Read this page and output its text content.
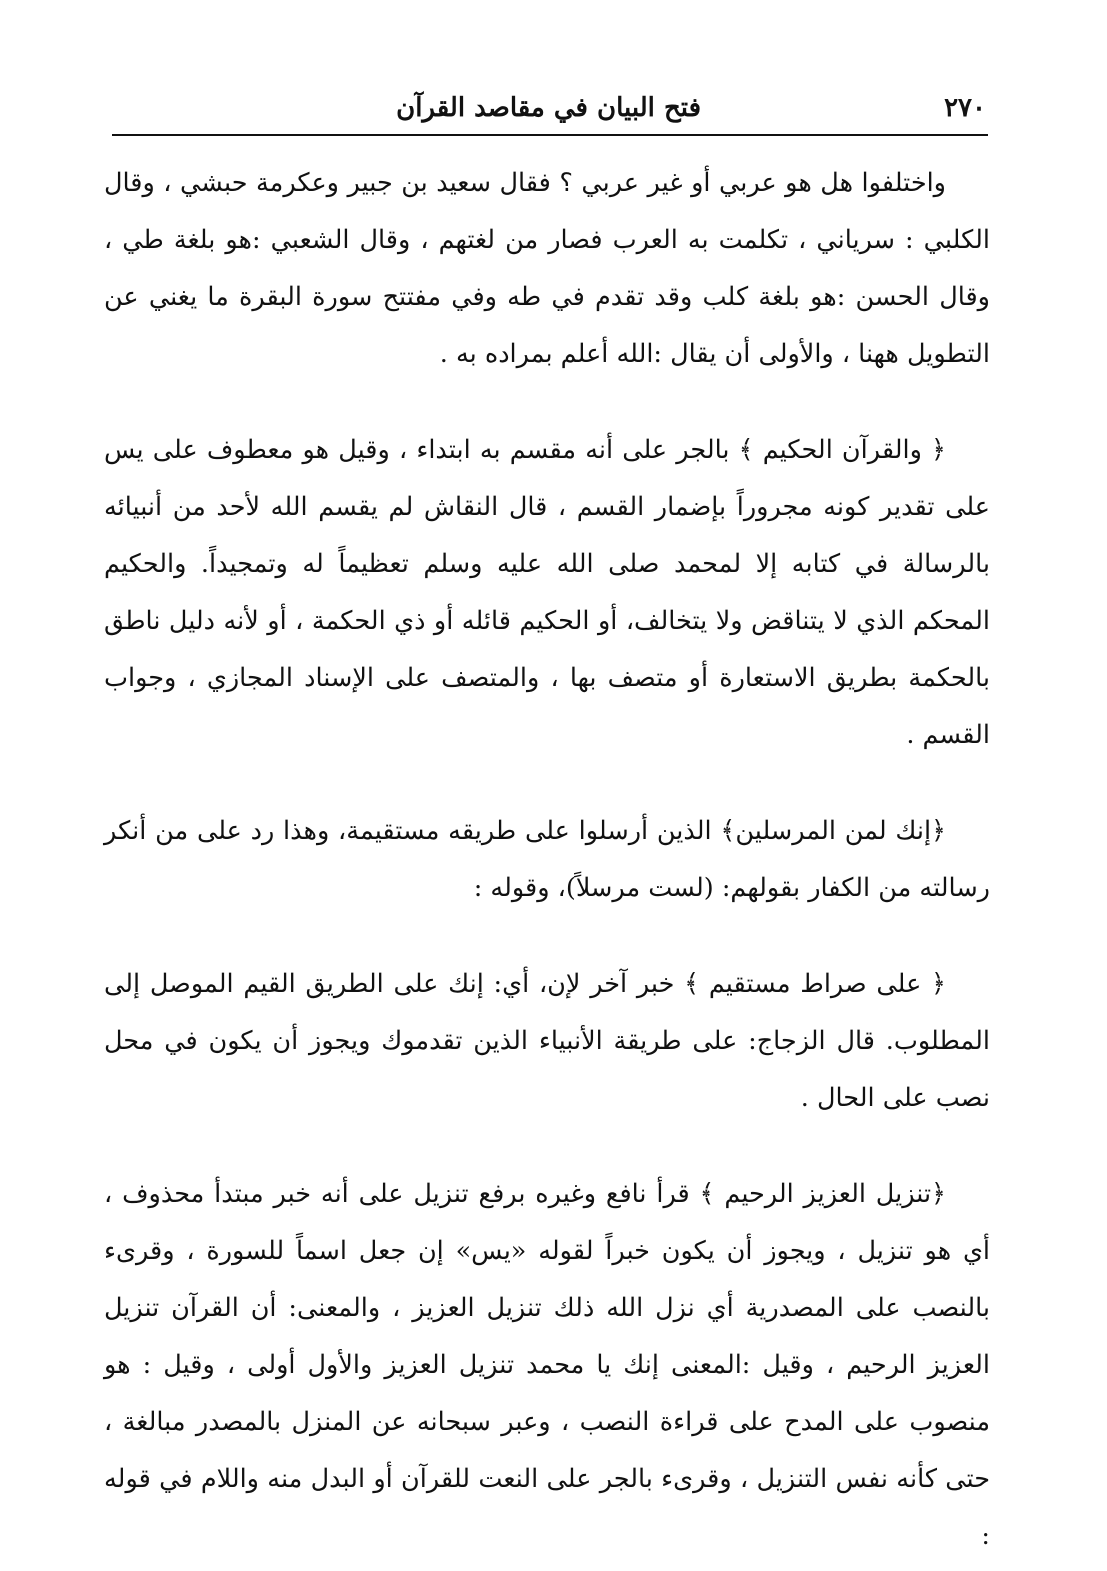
٢٧٠
فتح البيان في مقاصد القرآن

واختلفوا هل هو عربي أو غير عربي ؟ فقال سعيد بن جبير وعكرمة حبشي ، وقال الكلبي : سرياني ، تكلمت به العرب فصار من لغتهم ، وقال الشعبي :هو بلغة طي ، وقال الحسن :هو بلغة كلب وقد تقدم في طه وفي مفتتح سورة البقرة ما يغني عن التطويل ههنا ، والأولى أن يقال :الله أعلم بمراده به .

﴿ والقرآن الحكيم ﴾ بالجر على أنه مقسم به ابتداء ، وقيل هو معطوف على يس على تقدير كونه مجروراً بإضمار القسم ، قال النقاش لم يقسم الله لأحد من أنبيائه بالرسالة في كتابه إلا لمحمد صلى الله عليه وسلم تعظيماً له وتمجيداً. والحكيم المحكم الذي لا يتناقض ولا يتخالف، أو الحكيم قائله أو ذي الحكمة ، أو لأنه دليل ناطق بالحكمة بطريق الاستعارة أو متصف بها ، والمتصف على الإسناد المجازي ، وجواب القسم .

﴿إنك لمن المرسلين﴾ الذين أرسلوا على طريقه مستقيمة، وهذا رد على من أنكر رسالته من الكفار بقولهم: (لست مرسلاً)، وقوله :

﴿ على صراط مستقيم ﴾ خبر آخر لإن، أي: إنك على الطريق القيم الموصل إلى المطلوب. قال الزجاج: على طريقة الأنبياء الذين تقدموك ويجوز أن يكون في محل نصب على الحال .

﴿تنزيل العزيز الرحيم ﴾ قرأ نافع وغيره برفع تنزيل على أنه خبر مبتدأ محذوف ، أي هو تنزيل ، ويجوز أن يكون خبراً لقوله «يس» إن جعل اسماً للسورة ، وقرىء بالنصب على المصدرية أي نزل الله ذلك تنزيل العزيز ، والمعنى: أن القرآن تنزيل العزيز الرحيم ، وقيل :المعنى إنك يا محمد تنزيل العزيز والأول أولى ، وقيل : هو منصوب على المدح على قراءة النصب ، وعبر سبحانه عن المنزل بالمصدر مبالغة ، حتى كأنه نفس التنزيل ، وقرىء بالجر على النعت للقرآن أو البدل منه واللام في قوله :
